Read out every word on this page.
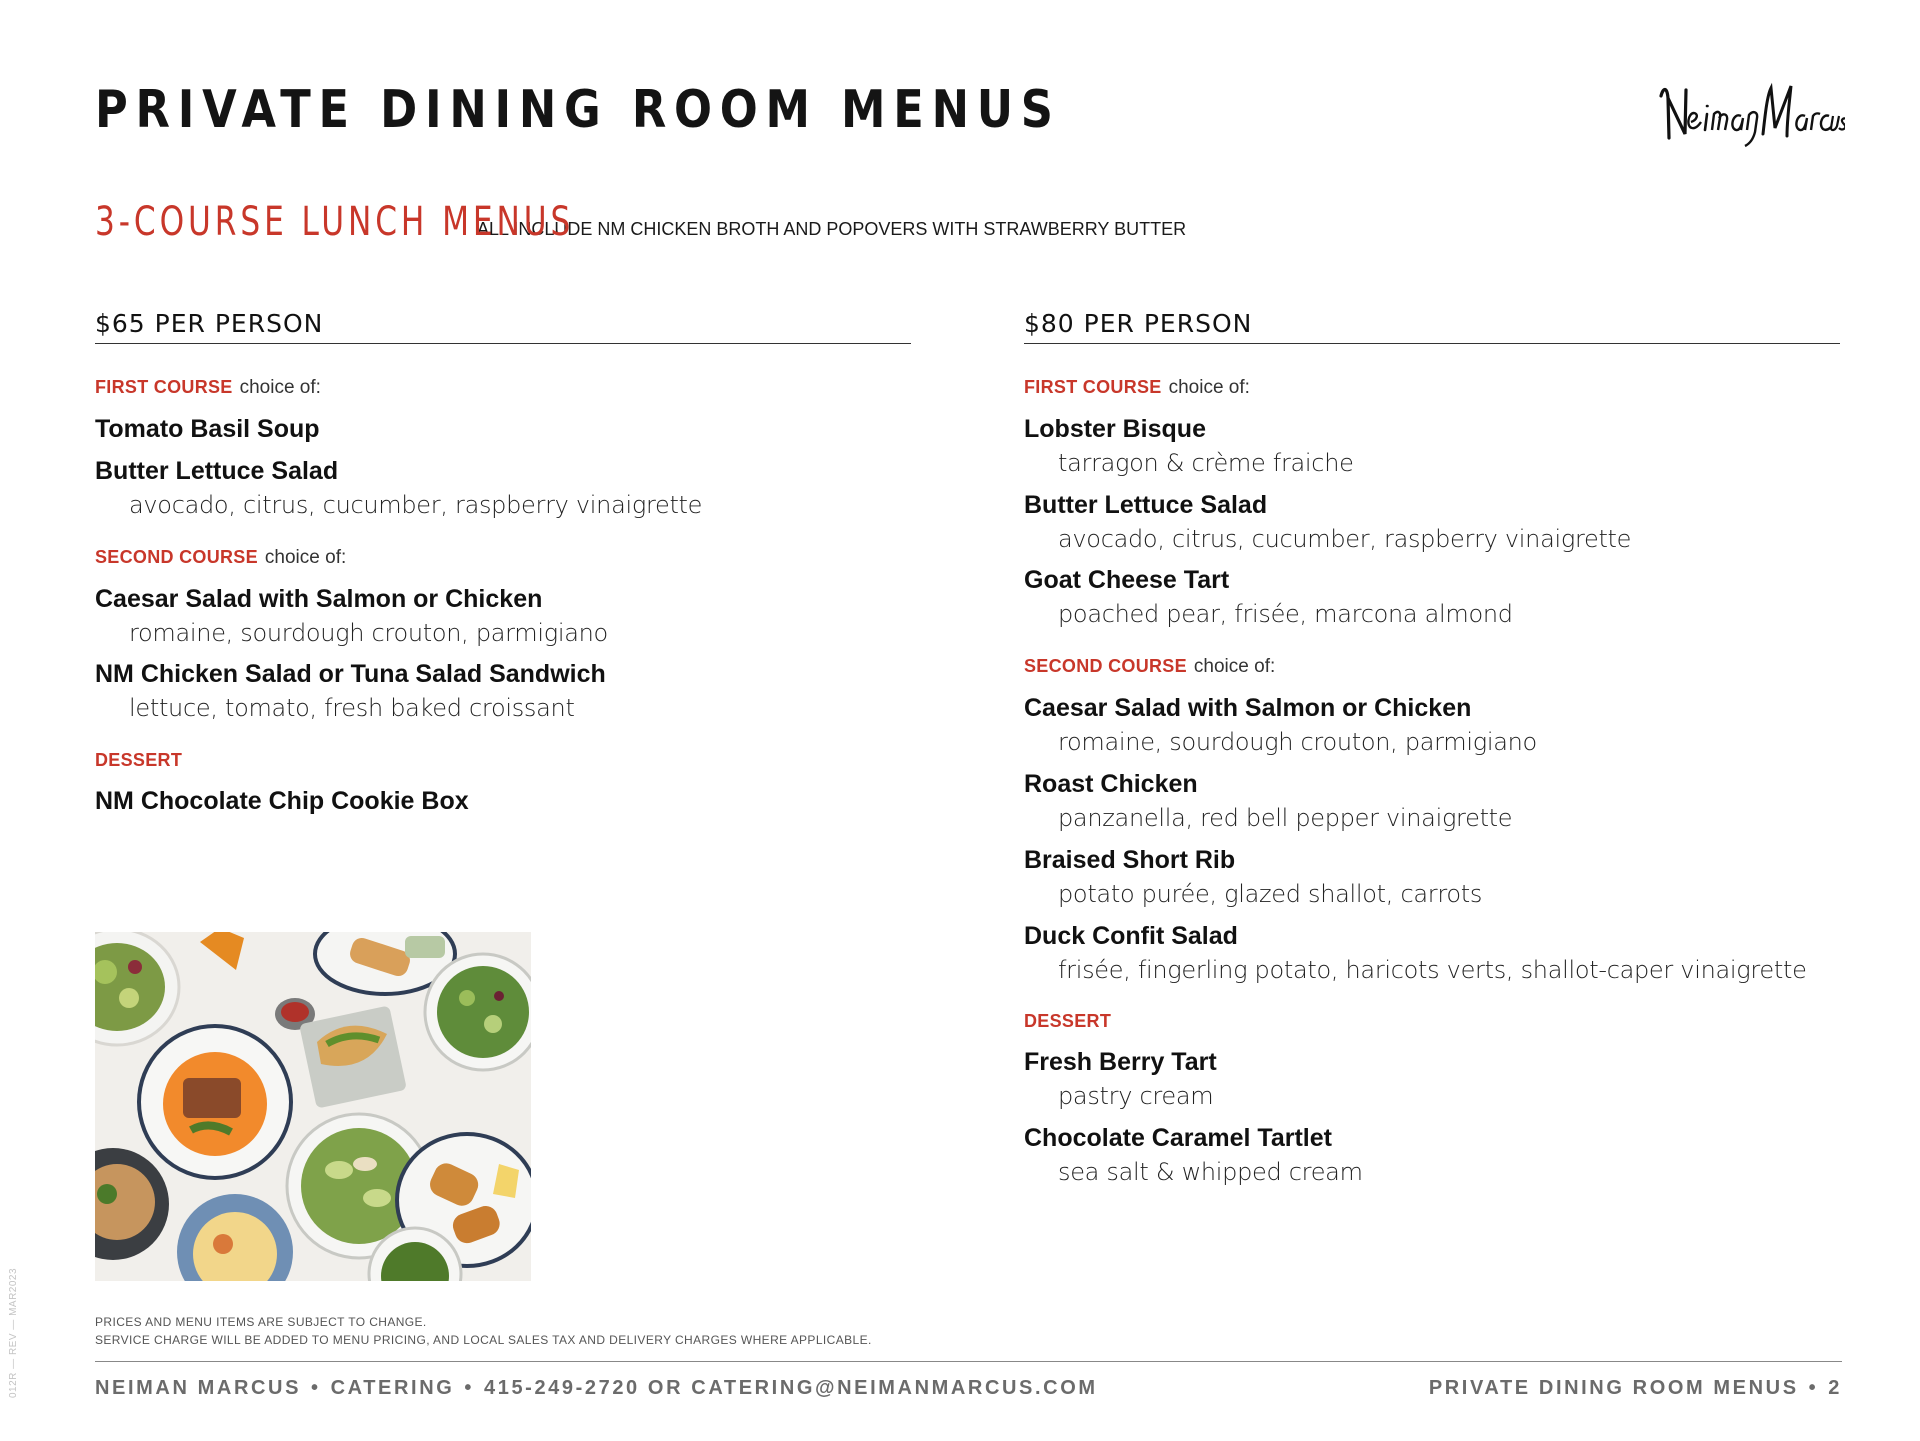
PRIVATE DINING ROOM MENUS
3-COURSE LUNCH MENUS
ALL INCLUDE NM CHICKEN BROTH AND POPOVERS WITH STRAWBERRY BUTTER
$65 PER PERSON
FIRST COURSE choice of:
Tomato Basil Soup
Butter Lettuce Salad
avocado, citrus, cucumber, raspberry vinaigrette
SECOND COURSE choice of:
Caesar Salad with Salmon or Chicken
romaine, sourdough crouton, parmigiano
NM Chicken Salad or Tuna Salad Sandwich
lettuce, tomato, fresh baked croissant
DESSERT
NM Chocolate Chip Cookie Box
$80 PER PERSON
FIRST COURSE choice of:
Lobster Bisque
tarragon & crème fraiche
Butter Lettuce Salad
avocado, citrus, cucumber, raspberry vinaigrette
Goat Cheese Tart
poached pear, frisée, marcona almond
SECOND COURSE choice of:
Caesar Salad with Salmon or Chicken
romaine, sourdough crouton, parmigiano
Roast Chicken
panzanella, red bell pepper vinaigrette
Braised Short Rib
potato purée, glazed shallot, carrots
Duck Confit Salad
frisée, fingerling potato, haricots verts, shallot-caper vinaigrette
DESSERT
Fresh Berry Tart
pastry cream
Chocolate Caramel Tartlet
sea salt & whipped cream
PRICES AND MENU ITEMS ARE SUBJECT TO CHANGE.
SERVICE CHARGE WILL BE ADDED TO MENU PRICING, AND LOCAL SALES TAX AND DELIVERY CHARGES WHERE APPLICABLE.
NEIMAN MARCUS • CATERING • 415-249-2720 OR CATERING@NEIMANMARCUS.COM	PRIVATE DINING ROOM MENUS • 2
012R — REV — MAR2023
